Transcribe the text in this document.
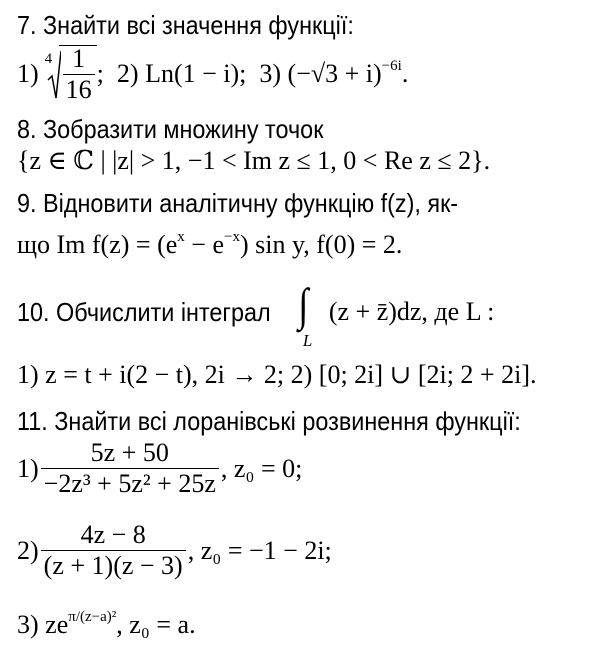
7. Знайти всі значення функції:
1) $4 \frac{1}{16}$ ; 2) Ln(1 − i);
3) $(-√3 + i)^{-6i}$.
8. Зобразити множину точок
{z ∈ ℂ | |z| > 1, −1 < Im z ≤ 1, 0 < Re z ≤ 2}.
9. Відновити аналітичну функцію f(z), як-
що Im $f(z) = (e^x - e^{-x})$ sin y, f(0) = 2.
10. Обчислити інтеграл ∫
L
(z + z̄)dz, де L :
1) z = t + i(2 − t), 2i → 2; 2) [0; 2i] ∪ [2i; 2 + 2i].
11. Знайти всі лоранівські розвинення функції:
$1) \frac{5z + 50}{\text{−2z³ + 5z² + 25z}}$ , z₀ = 0;
$2) \frac{4z - 8}{(z + 1)(z - 3)}$ , z₀ = −1 − 2i;
3) $ze^{\pi/(z-a)^2}$, z₀ = a.
